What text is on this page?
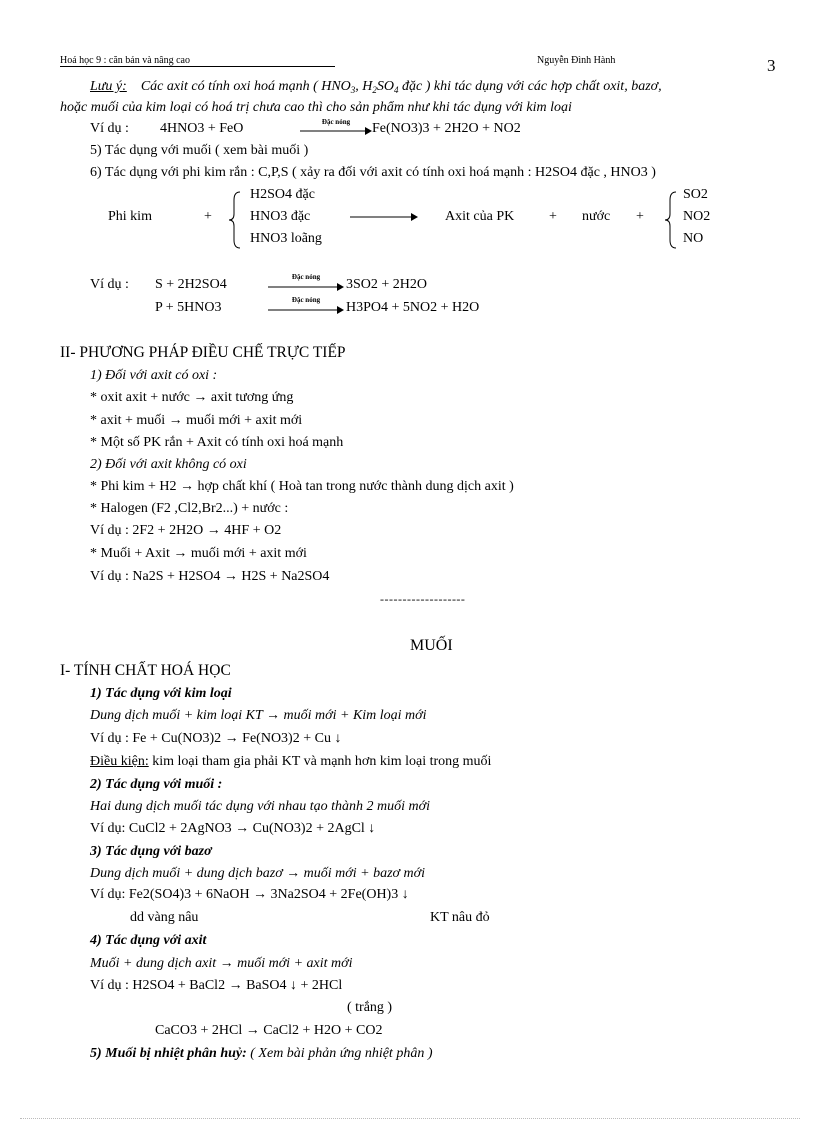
Hoá học 9 : căn bản và nâng cao	Nguyễn Đình Hành	3
Lưu ý: Các axit có tính oxi hoá mạnh ( $HNO_3$, $H_2SO_4$ đặc ) khi tác dụng với các hợp chất oxit, bazơ,
hoặc muối của kim loại có hoá trị chưa cao thì cho sản phẩm như khi tác dụng với kim loại
Ví dụ : 4HNO3 + FeO	Đặc nóng	Fe(NO3)3 + 2H2O + NO2
5) Tác dụng với muối ( xem bài muối )
6) Tác dụng với phi kim rắn : C,P,S ( xảy ra đối với axit có tính oxi hoá mạnh : H2SO4 đặc , HNO3 )
Phi kim	+
H2SO4 đặc
HNO3 đặc
HNO3 loãng
Axit của PK + nước +
SO2
NO2
NO
Ví dụ : S + 2H2SO4	Đặc nóng	3SO2 + 2H2O
P + 5HNO3	Đặc nóng	H3PO4 + 5NO2 + H2O
II- PHƯƠNG PHÁP ĐIỀU CHẾ TRỰC TIẾP
1) Đối với axit có oxi :
* oxit axit + nước → axit tương ứng
* axit + muối → muối mới + axit mới
* Một số PK rắn + Axit có tính oxi hoá mạnh
2) Đối với axit không có oxi
* Phi kim + H2 → hợp chất khí ( Hoà tan trong nước thành dung dịch axit )
* Halogen (F2 ,Cl2,Br2...) + nước :
Ví dụ : 2F2 + 2H2O → 4HF + O2
* Muối + Axit → muối mới + axit mới
Ví dụ : Na2S + H2SO4 → H2S + Na2SO4
-------------------
MUỐI
I- TÍNH CHẤT HOÁ HỌC
1) Tác dụng với kim loại
Dung dịch muối + kim loại KT → muối mới + Kim loại mới
Ví dụ : Fe + Cu(NO3)2 → Fe(NO3)2 + Cu ↓
Điều kiện: kim loại tham gia phải KT và mạnh hơn kim loại trong muối
2) Tác dụng với muối :
Hai dung dịch muối tác dụng với nhau tạo thành 2 muối mới
Ví dụ: CuCl2 + 2AgNO3 → Cu(NO3)2 + 2AgCl ↓
3) Tác dụng với bazơ
Dung dịch muối + dung dịch bazơ → muối mới + bazơ mới
Ví dụ: Fe2(SO4)3 + 6NaOH → 3Na2SO4 + 2Fe(OH)3 ↓
dd vàng nâu	KT nâu đỏ
4) Tác dụng với axit
Muối + dung dịch axit → muối mới + axit mới
Ví dụ : H2SO4 + BaCl2 → BaSO4 ↓ + 2HCl
( trắng )
CaCO3 + 2HCl → CaCl2 + H2O + CO2
5) Muối bị nhiệt phân huỷ: ( Xem bài phản ứng nhiệt phân )
